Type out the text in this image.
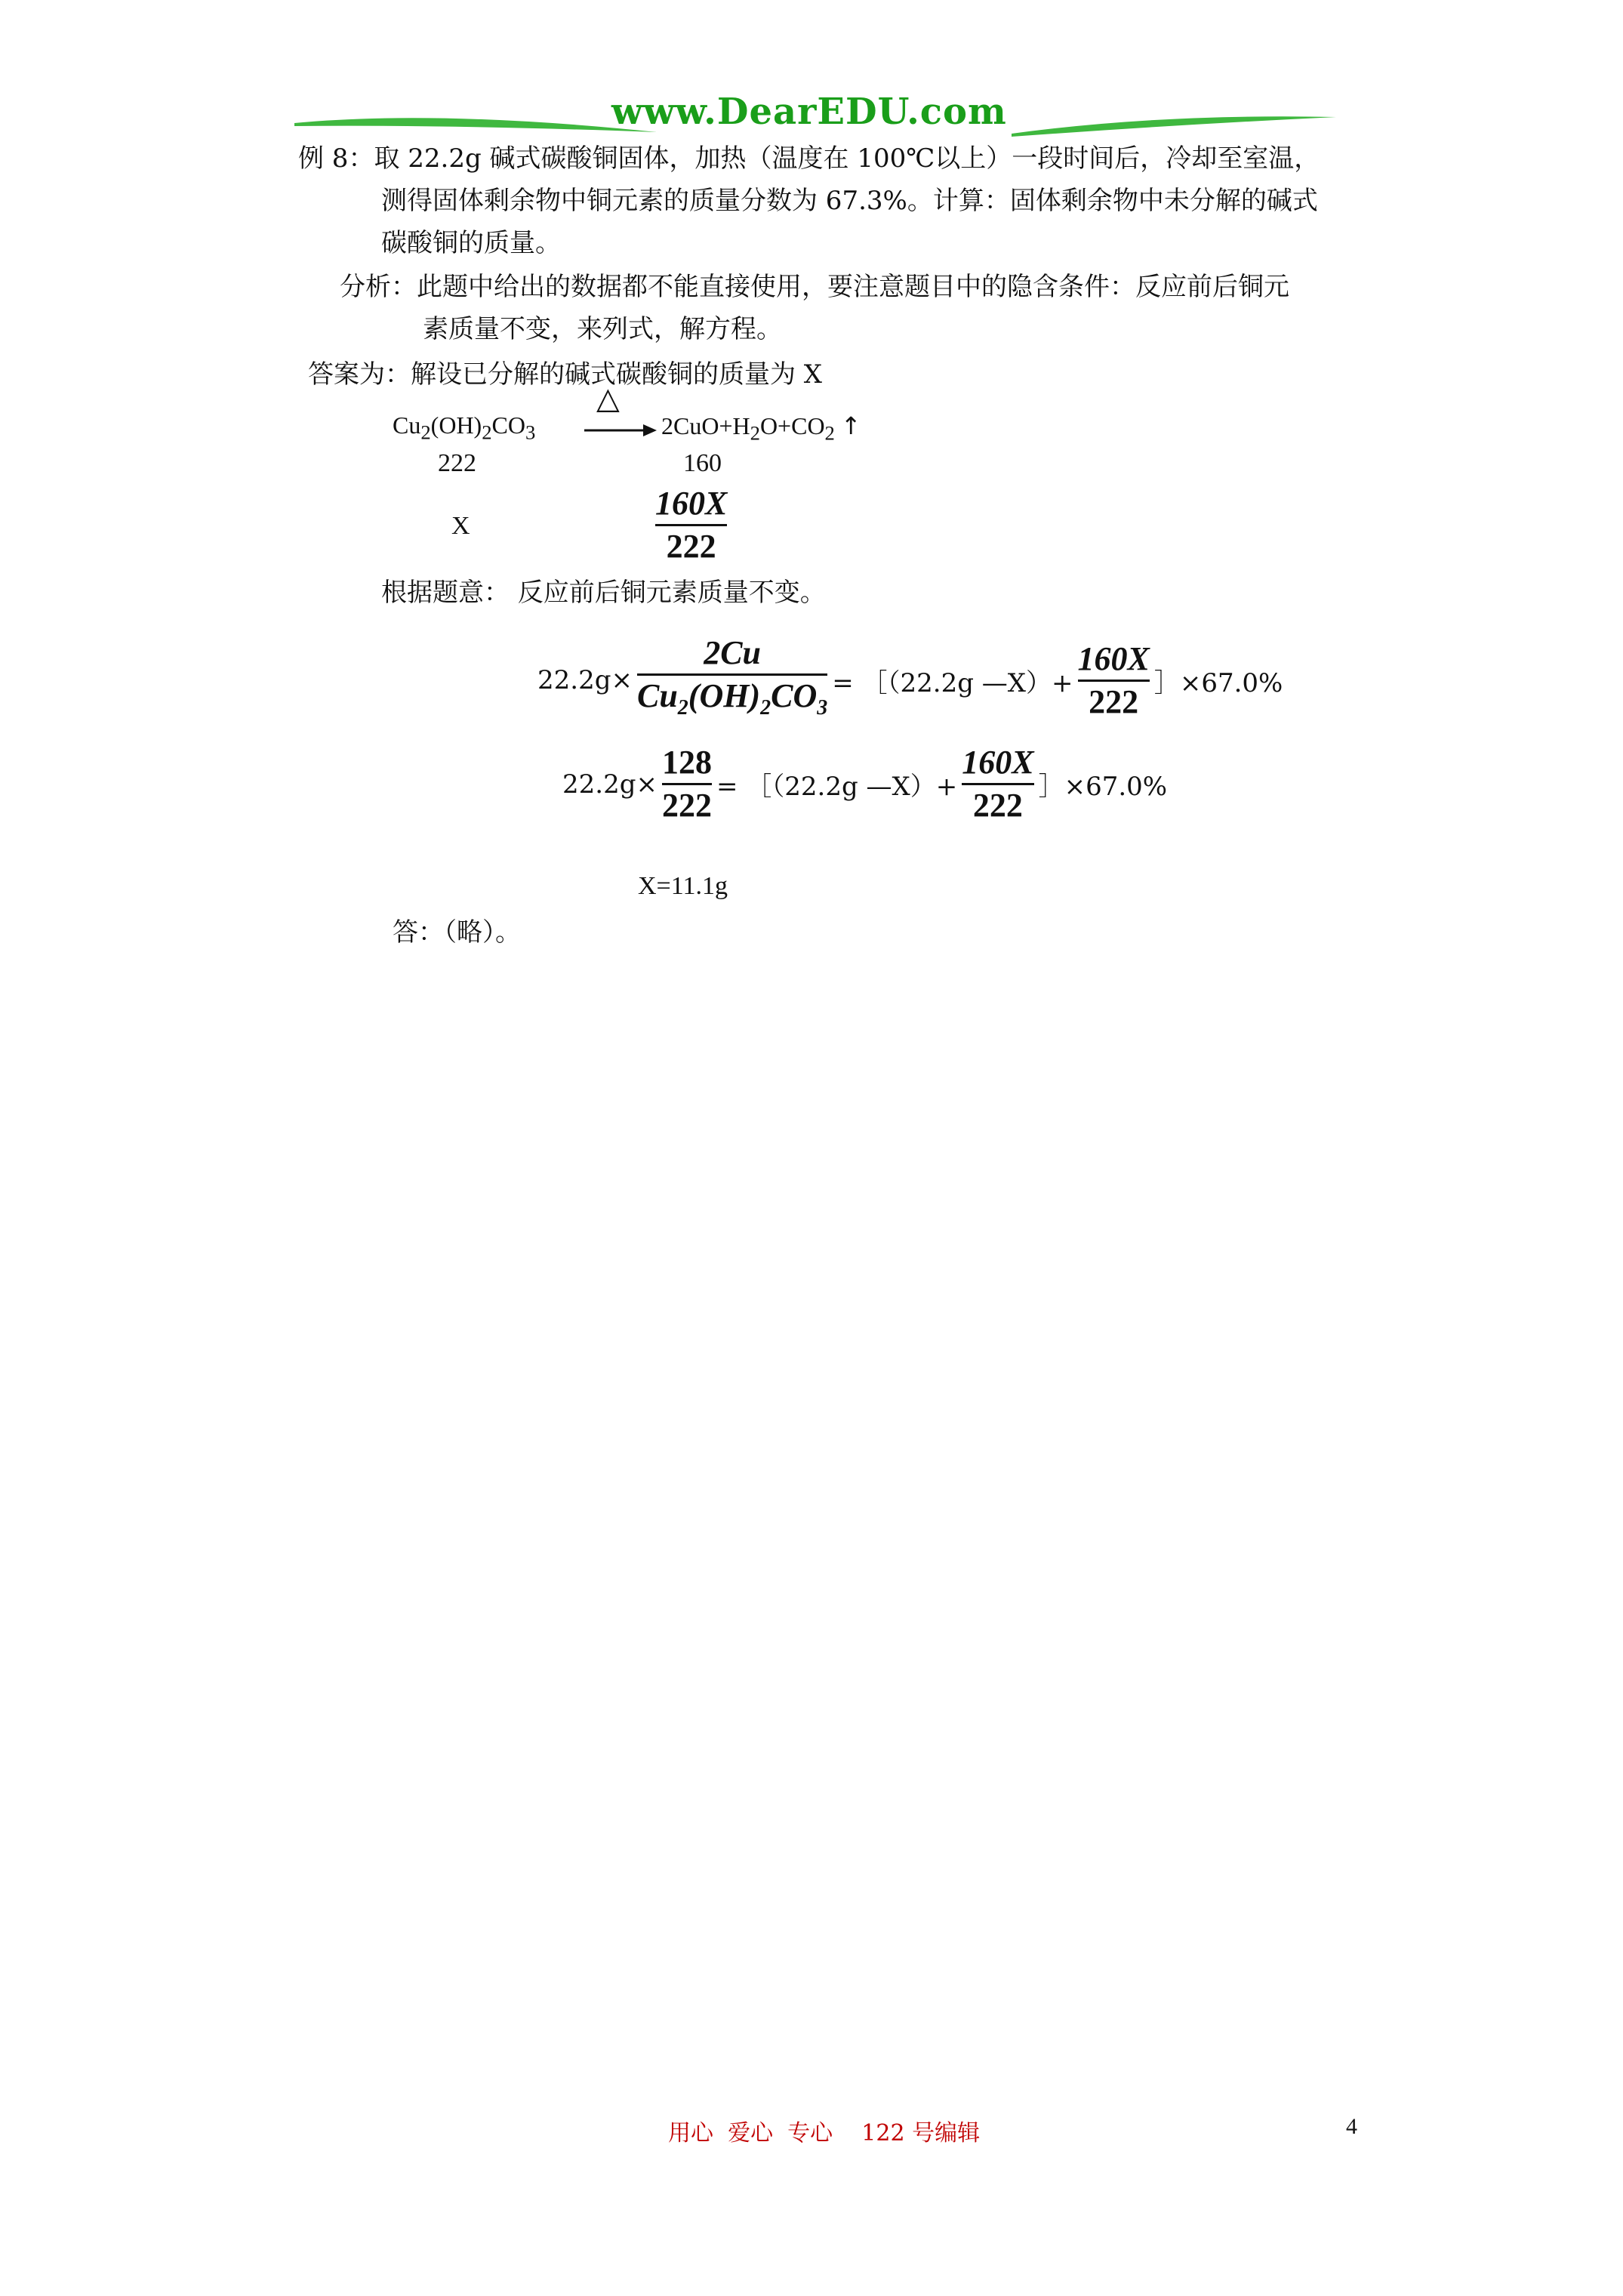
www.DearEDU.com
例 8：取 22.2g 碱式碳酸铜固体，加热（温度在 100℃以上）一段时间后，冷却至室温，
测得固体剩余物中铜元素的质量分数为 67.3%。计算：固体剩余物中未分解的碱式
碳酸铜的质量。
分析：此题中给出的数据都不能直接使用，要注意题目中的隐含条件：反应前后铜元
素质量不变，来列式，解方程。
答案为：解设已分解的碱式碳酸铜的质量为 X
$Cu_2(OH)_2CO_3$
△
$2CuO+H_2O+CO_2$ ↑
222	160
X
160X
222
根据题意： 反应前后铜元素质量不变。
$22.2g\times \frac{2Cu}{Cu_2(OH)_2CO_3}$ = ［（22.2g —X）+ $\frac{160X}{222}$ ］×67.0%
$22.2g\times \frac{128}{222}$ = ［（22.2g —X）+ $\frac{160X}{222}$ ］×67.0%
X=11.1g
答：（略）。
用心  爱心  专心    122 号编辑	4
